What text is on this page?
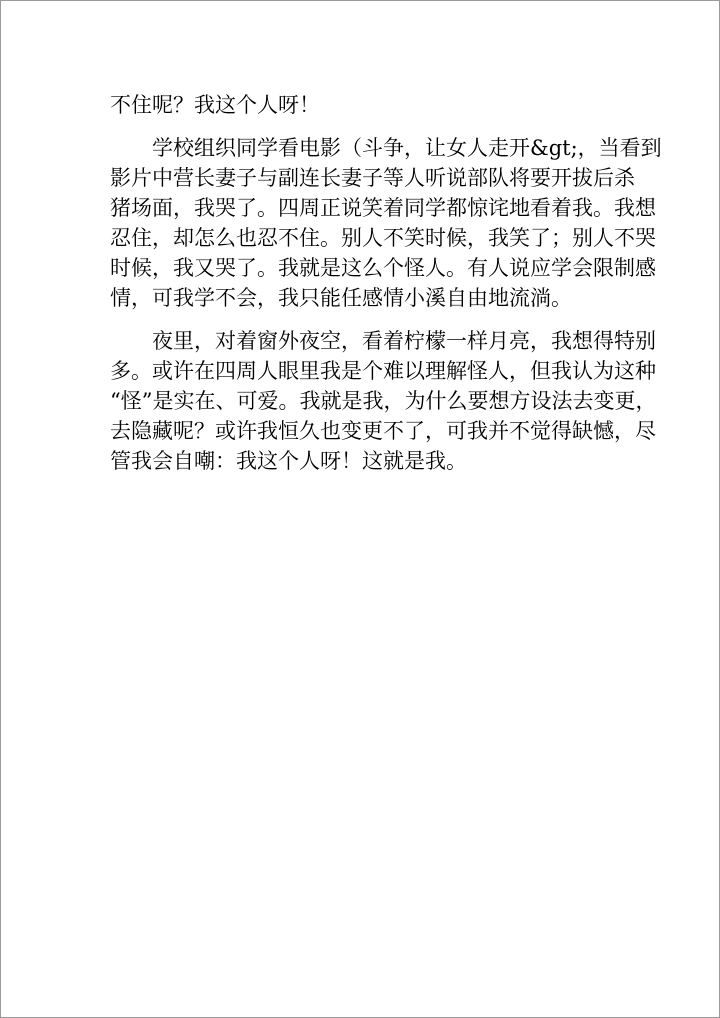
不住呢？我这个人呀！
学校组织同学看电影（斗争，让女人走开&gt;，当看到
影片中营长妻子与副连长妻子等人听说部队将要开拔后杀
猪场面，我哭了。四周正说笑着同学都惊诧地看着我。我想
忍住，却怎么也忍不住。别人不笑时候，我笑了；别人不哭
时候，我又哭了。我就是这么个怪人。有人说应学会限制感
情，可我学不会，我只能任感情小溪自由地流淌。
夜里，对着窗外夜空，看着柠檬一样月亮，我想得特别
多。或许在四周人眼里我是个难以理解怪人，但我认为这种
“怪”是实在、可爱。我就是我，为什么要想方设法去变更，
去隐藏呢？或许我恒久也变更不了，可我并不觉得缺憾，尽
管我会自嘲：我这个人呀！这就是我。
